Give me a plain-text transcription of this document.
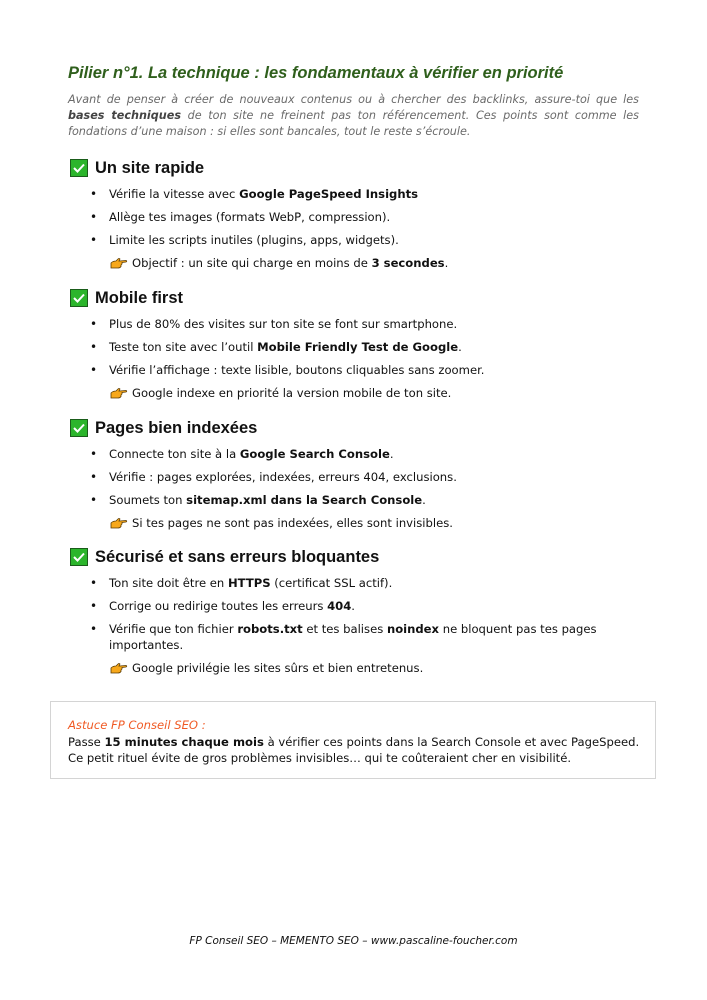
Pilier n°1. La technique : les fondamentaux à vérifier en priorité

Avant de penser à créer de nouveaux contenus ou à chercher des backlinks, assure-toi que les bases techniques de ton site ne freinent pas ton référencement. Ces points sont comme les fondations d’une maison : si elles sont bancales, tout le reste s’écroule.

Un site rapide
• Vérifie la vitesse avec Google PageSpeed Insights
• Allège tes images (formats WebP, compression).
• Limite les scripts inutiles (plugins, apps, widgets).
Objectif : un site qui charge en moins de 3 secondes.
Mobile first
• Plus de 80% des visites sur ton site se font sur smartphone.
• Teste ton site avec l’outil Mobile Friendly Test de Google.
• Vérifie l’affichage : texte lisible, boutons cliquables sans zoomer.
Google indexe en priorité la version mobile de ton site.
Pages bien indexées
• Connecte ton site à la Google Search Console.
• Vérifie : pages explorées, indexées, erreurs 404, exclusions.
• Soumets ton sitemap.xml dans la Search Console.
Si tes pages ne sont pas indexées, elles sont invisibles.
Sécurisé et sans erreurs bloquantes
• Ton site doit être en HTTPS (certificat SSL actif).
• Corrige ou redirige toutes les erreurs 404.
• Vérifie que ton fichier robots.txt et tes balises noindex ne bloquent pas tes pages importantes.
Google privilégie les sites sûrs et bien entretenus.
Astuce FP Conseil SEO :
Passe 15 minutes chaque mois à vérifier ces points dans la Search Console et avec PageSpeed. Ce petit rituel évite de gros problèmes invisibles… qui te coûteraient cher en visibilité.
FP Conseil SEO – MEMENTO SEO – www.pascaline-foucher.com
